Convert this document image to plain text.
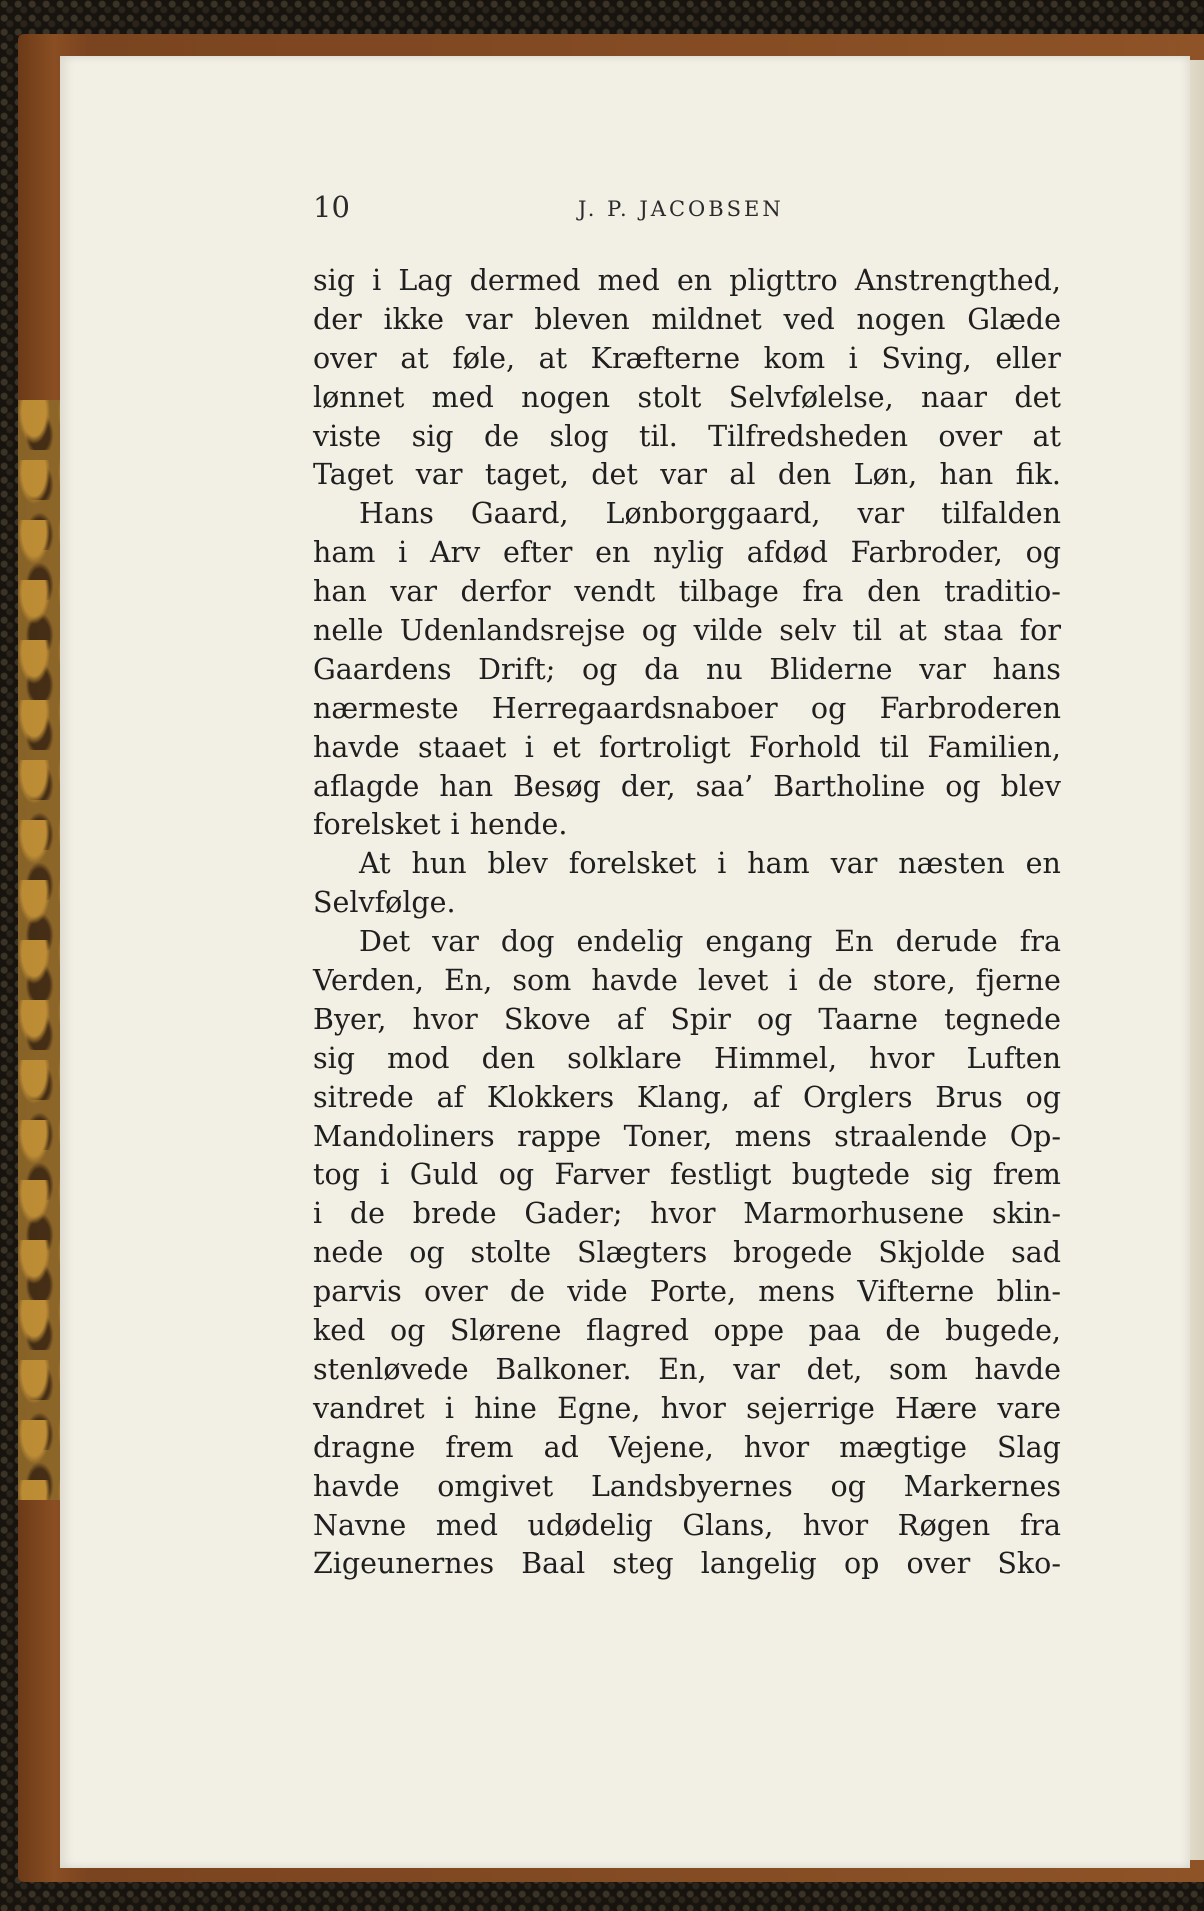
10	J. P. JACOBSEN
sig i Lag dermed med en pligttro Anstrengthed,
der ikke var bleven mildnet ved nogen Glæde
over at føle, at Kræfterne kom i Sving, eller
lønnet med nogen stolt Selvfølelse, naar det
viste sig de slog til. Tilfredsheden over at
Taget var taget, det var al den Løn, han fik.
Hans Gaard, Lønborggaard, var tilfalden
ham i Arv efter en nylig afdød Farbroder, og
han var derfor vendt tilbage fra den traditio-
nelle Udenlandsrejse og vilde selv til at staa for
Gaardens Drift; og da nu Bliderne var hans
nærmeste Herregaardsnaboer og Farbroderen
havde staaet i et fortroligt Forhold til Familien,
aflagde han Besøg der, saa’ Bartholine og blev
forelsket i hende.
At hun blev forelsket i ham var næsten en
Selvfølge.
Det var dog endelig engang En derude fra
Verden, En, som havde levet i de store, fjerne
Byer, hvor Skove af Spir og Taarne tegnede
sig mod den solklare Himmel, hvor Luften
sitrede af Klokkers Klang, af Orglers Brus og
Mandoliners rappe Toner, mens straalende Op-
tog i Guld og Farver festligt bugtede sig frem
i de brede Gader; hvor Marmorhusene skin-
nede og stolte Slægters brogede Skjolde sad
parvis over de vide Porte, mens Vifterne blin-
ked og Slørene flagred oppe paa de bugede,
stenløvede Balkoner. En, var det, som havde
vandret i hine Egne, hvor sejerrige Hære vare
dragne frem ad Vejene, hvor mægtige Slag
havde omgivet Landsbyernes og Markernes
Navne med udødelig Glans, hvor Røgen fra
Zigeunernes Baal steg langelig op over Sko-
